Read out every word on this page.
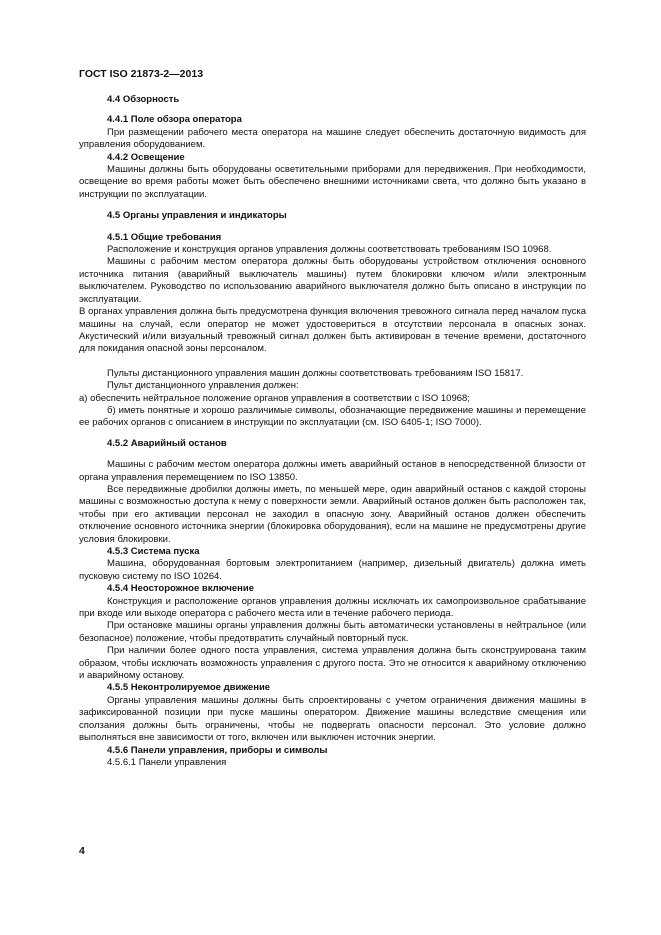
ГОСТ ISO 21873-2—2013

4.4 Обзорность

4.4.1 Поле обзора оператора

При размещении рабочего места оператора на машине следует обеспечить достаточную видимость для управления оборудованием.

4.4.2 Освещение

Машины должны быть оборудованы осветительными приборами для передвижения. При необходимости, освещение во время работы может быть обеспечено внешними источниками света, что должно быть указано в инструкции по эксплуатации.

4.5 Органы управления и индикаторы

4.5.1 Общие требования

Расположение и конструкция органов управления должны соответствовать требованиям ISO 10968.

Машины с рабочим местом оператора должны быть оборудованы устройством отключения основного источника питания (аварийный выключатель машины) путем блокировки ключом и/или электронным выключателем. Руководство по использованию аварийного выключателя должно быть описано в инструкции по эксплуатации.

В органах управления должна быть предусмотрена функция включения тревожного сигнала перед началом пуска машины на случай, если оператор не может удостовериться в отсутствии персонала в опасных зонах. Акустический и/или визуальный тревожный сигнал должен быть активирован в течение времени, достаточного для покидания опасной зоны персоналом.

Пульты дистанционного управления машин должны соответствовать требованиям ISO 15817.

Пульт дистанционного управления должен:

а) обеспечить нейтральное положение органов управления в соответствии с ISO 10968;

б) иметь понятные и хорошо различимые символы, обозначающие передвижение машины и перемещение ее рабочих органов с описанием в инструкции по эксплуатации (см. ISO 6405-1; ISO 7000).

4.5.2 Аварийный останов

Машины с рабочим местом оператора должны иметь аварийный останов в непосредственной близости от органа управления перемещением по ISO 13850.

Все передвижные дробилки должны иметь, по меньшей мере, один аварийный останов с каждой стороны машины с возможностью доступа к нему с поверхности земли. Аварийный останов должен быть расположен так, чтобы при его активации персонал не заходил в опасную зону. Аварийный останов должен обеспечить отключение основного источника энергии (блокировка оборудования), если на машине не предусмотрены другие условия блокировки.

4.5.3 Система пуска

Машина, оборудованная бортовым электропитанием (например, дизельный двигатель) должна иметь пусковую систему по ISO 10264.

4.5.4 Неосторожное включение

Конструкция и расположение органов управления должны исключать их самопроизвольное срабатывание при входе или выходе оператора с рабочего места или в течение рабочего периода.

При остановке машины органы управления должны быть автоматически установлены в нейтральное (или безопасное) положение, чтобы предотвратить случайный повторный пуск.

При наличии более одного поста управления, система управления должна быть сконструирована таким образом, чтобы исключать возможность управления с другого поста. Это не относится к аварийному отключению и аварийному останову.

4.5.5 Неконтролируемое движение

Органы управления машины должны быть спроектированы с учетом ограничения движения машины в зафиксированной позиции при пуске машины оператором. Движение машины вследствие смещения или сползания должны быть ограничены, чтобы не подвергать опасности персонал. Это условие должно выполняться вне зависимости от того, включен или выключен источник энергии.

4.5.6 Панели управления, приборы и символы

4.5.6.1 Панели управления

4
